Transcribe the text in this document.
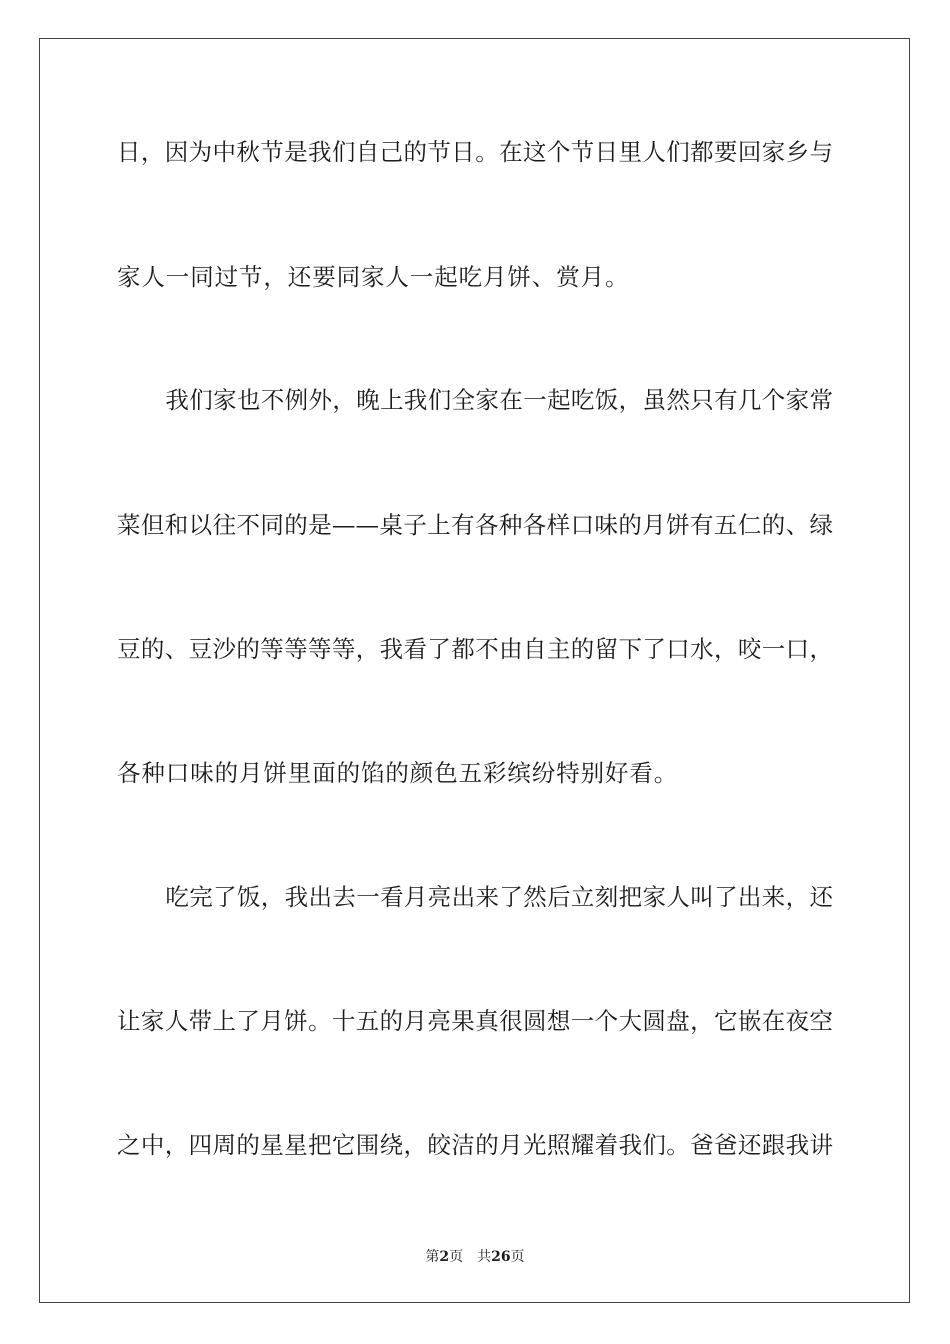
日，因为中秋节是我们自己的节日。在这个节日里人们都要回家乡与
家人一同过节，还要同家人一起吃月饼、赏月。
我们家也不例外，晚上我们全家在一起吃饭，虽然只有几个家常
菜但和以往不同的是——桌子上有各种各样口味的月饼有五仁的、绿
豆的、豆沙的等等等等，我看了都不由自主的留下了口水，咬一口，
各种口味的月饼里面的馅的颜色五彩缤纷特别好看。
吃完了饭，我出去一看月亮出来了然后立刻把家人叫了出来，还
让家人带上了月饼。十五的月亮果真很圆想一个大圆盘，它嵌在夜空
之中，四周的星星把它围绕，皎洁的月光照耀着我们。爸爸还跟我讲
第2页 共26页
